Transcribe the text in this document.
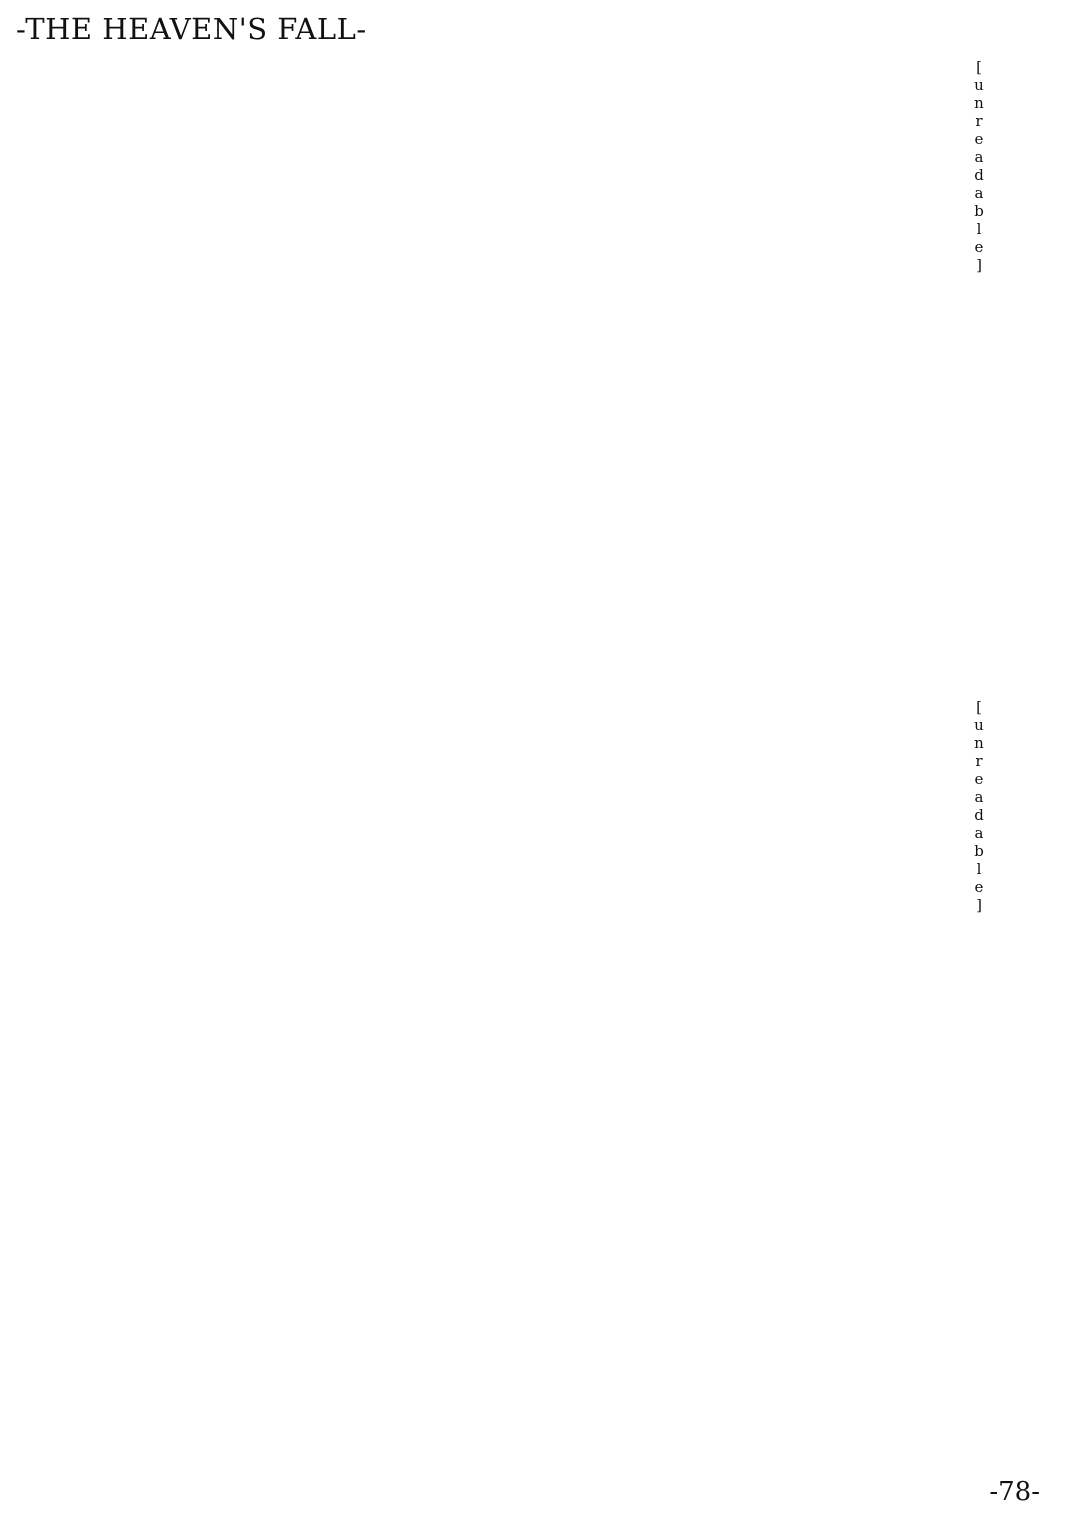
-THE HEAVEN'S FALL-
[unreadable]
[unreadable]
-78-
